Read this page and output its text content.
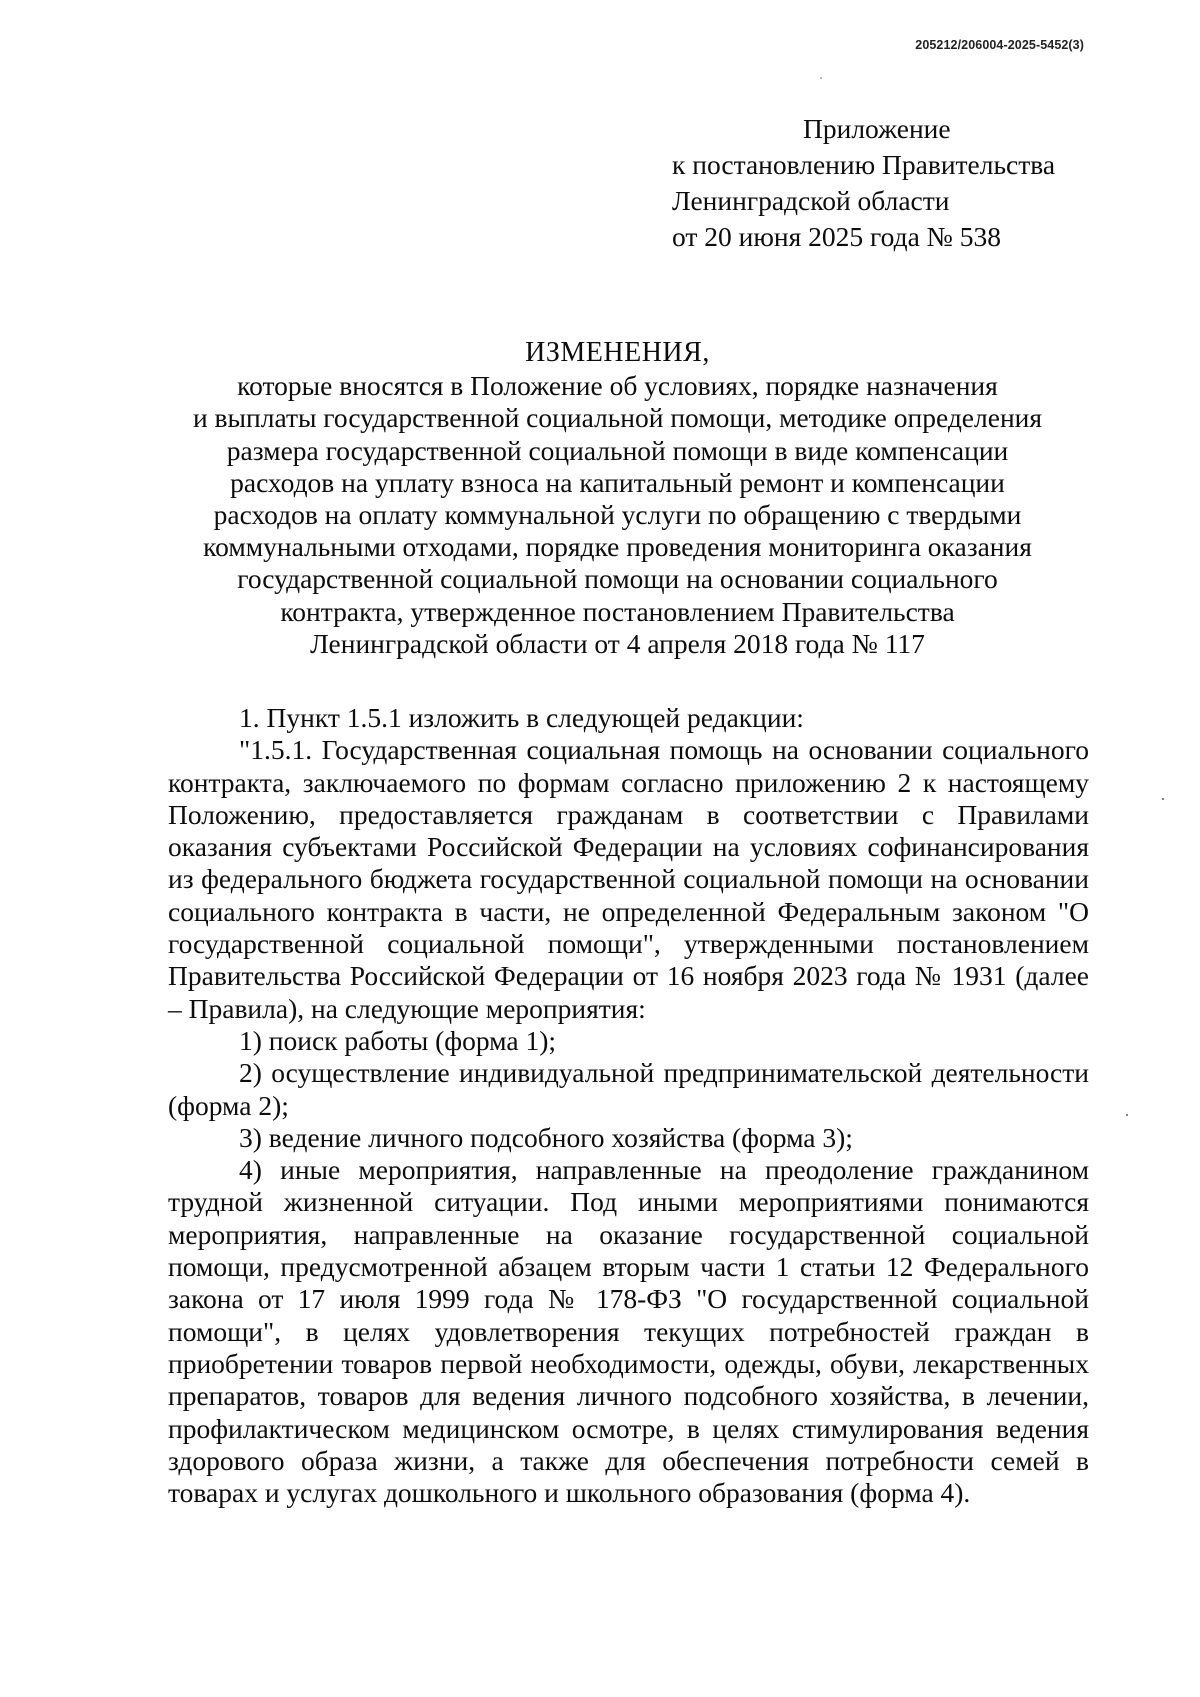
205212/206004-2025-5452(3)
Приложение
к постановлению Правительства
Ленинградской области
от 20 июня 2025 года № 538
ИЗМЕНЕНИЯ,
которые вносятся в Положение об условиях, порядке назначения
и выплаты государственной социальной помощи, методике определения
размера государственной социальной помощи в виде компенсации
расходов на уплату взноса на капитальный ремонт и компенсации
расходов на оплату коммунальной услуги по обращению с твердыми
коммунальными отходами, порядке проведения мониторинга оказания
государственной социальной помощи на основании социального
контракта, утвержденное постановлением Правительства
Ленинградской области от 4 апреля 2018 года № 117

1. Пункт 1.5.1 изложить в следующей редакции:

"1.5.1. Государственная социальная помощь на основании социального контракта, заключаемого по формам согласно приложению 2 к настоящему Положению, предоставляется гражданам в соответствии с Правилами оказания субъектами Российской Федерации на условиях софинансирования из федерального бюджета государственной социальной помощи на основании социального контракта в части, не определенной Федеральным законом "О государственной социальной помощи", утвержденными постановлением Правительства Российской Федерации от 16 ноября 2023 года № 1931 (далее – Правила), на следующие мероприятия:

1) поиск работы (форма 1);

2) осуществление индивидуальной предпринимательской деятельности (форма 2);

3) ведение личного подсобного хозяйства (форма 3);

4) иные мероприятия, направленные на преодоление гражданином трудной жизненной ситуации. Под иными мероприятиями понимаются мероприятия, направленные на оказание государственной социальной помощи, предусмотренной абзацем вторым части 1 статьи 12 Федерального закона от 17 июля 1999 года № 178-ФЗ "О государственной социальной помощи", в целях удовлетворения текущих потребностей граждан в приобретении товаров первой необходимости, одежды, обуви, лекарственных препаратов, товаров для ведения личного подсобного хозяйства, в лечении, профилактическом медицинском осмотре, в целях стимулирования ведения здорового образа жизни, а также для обеспечения потребности семей в товарах и услугах дошкольного и школьного образования (форма 4).
